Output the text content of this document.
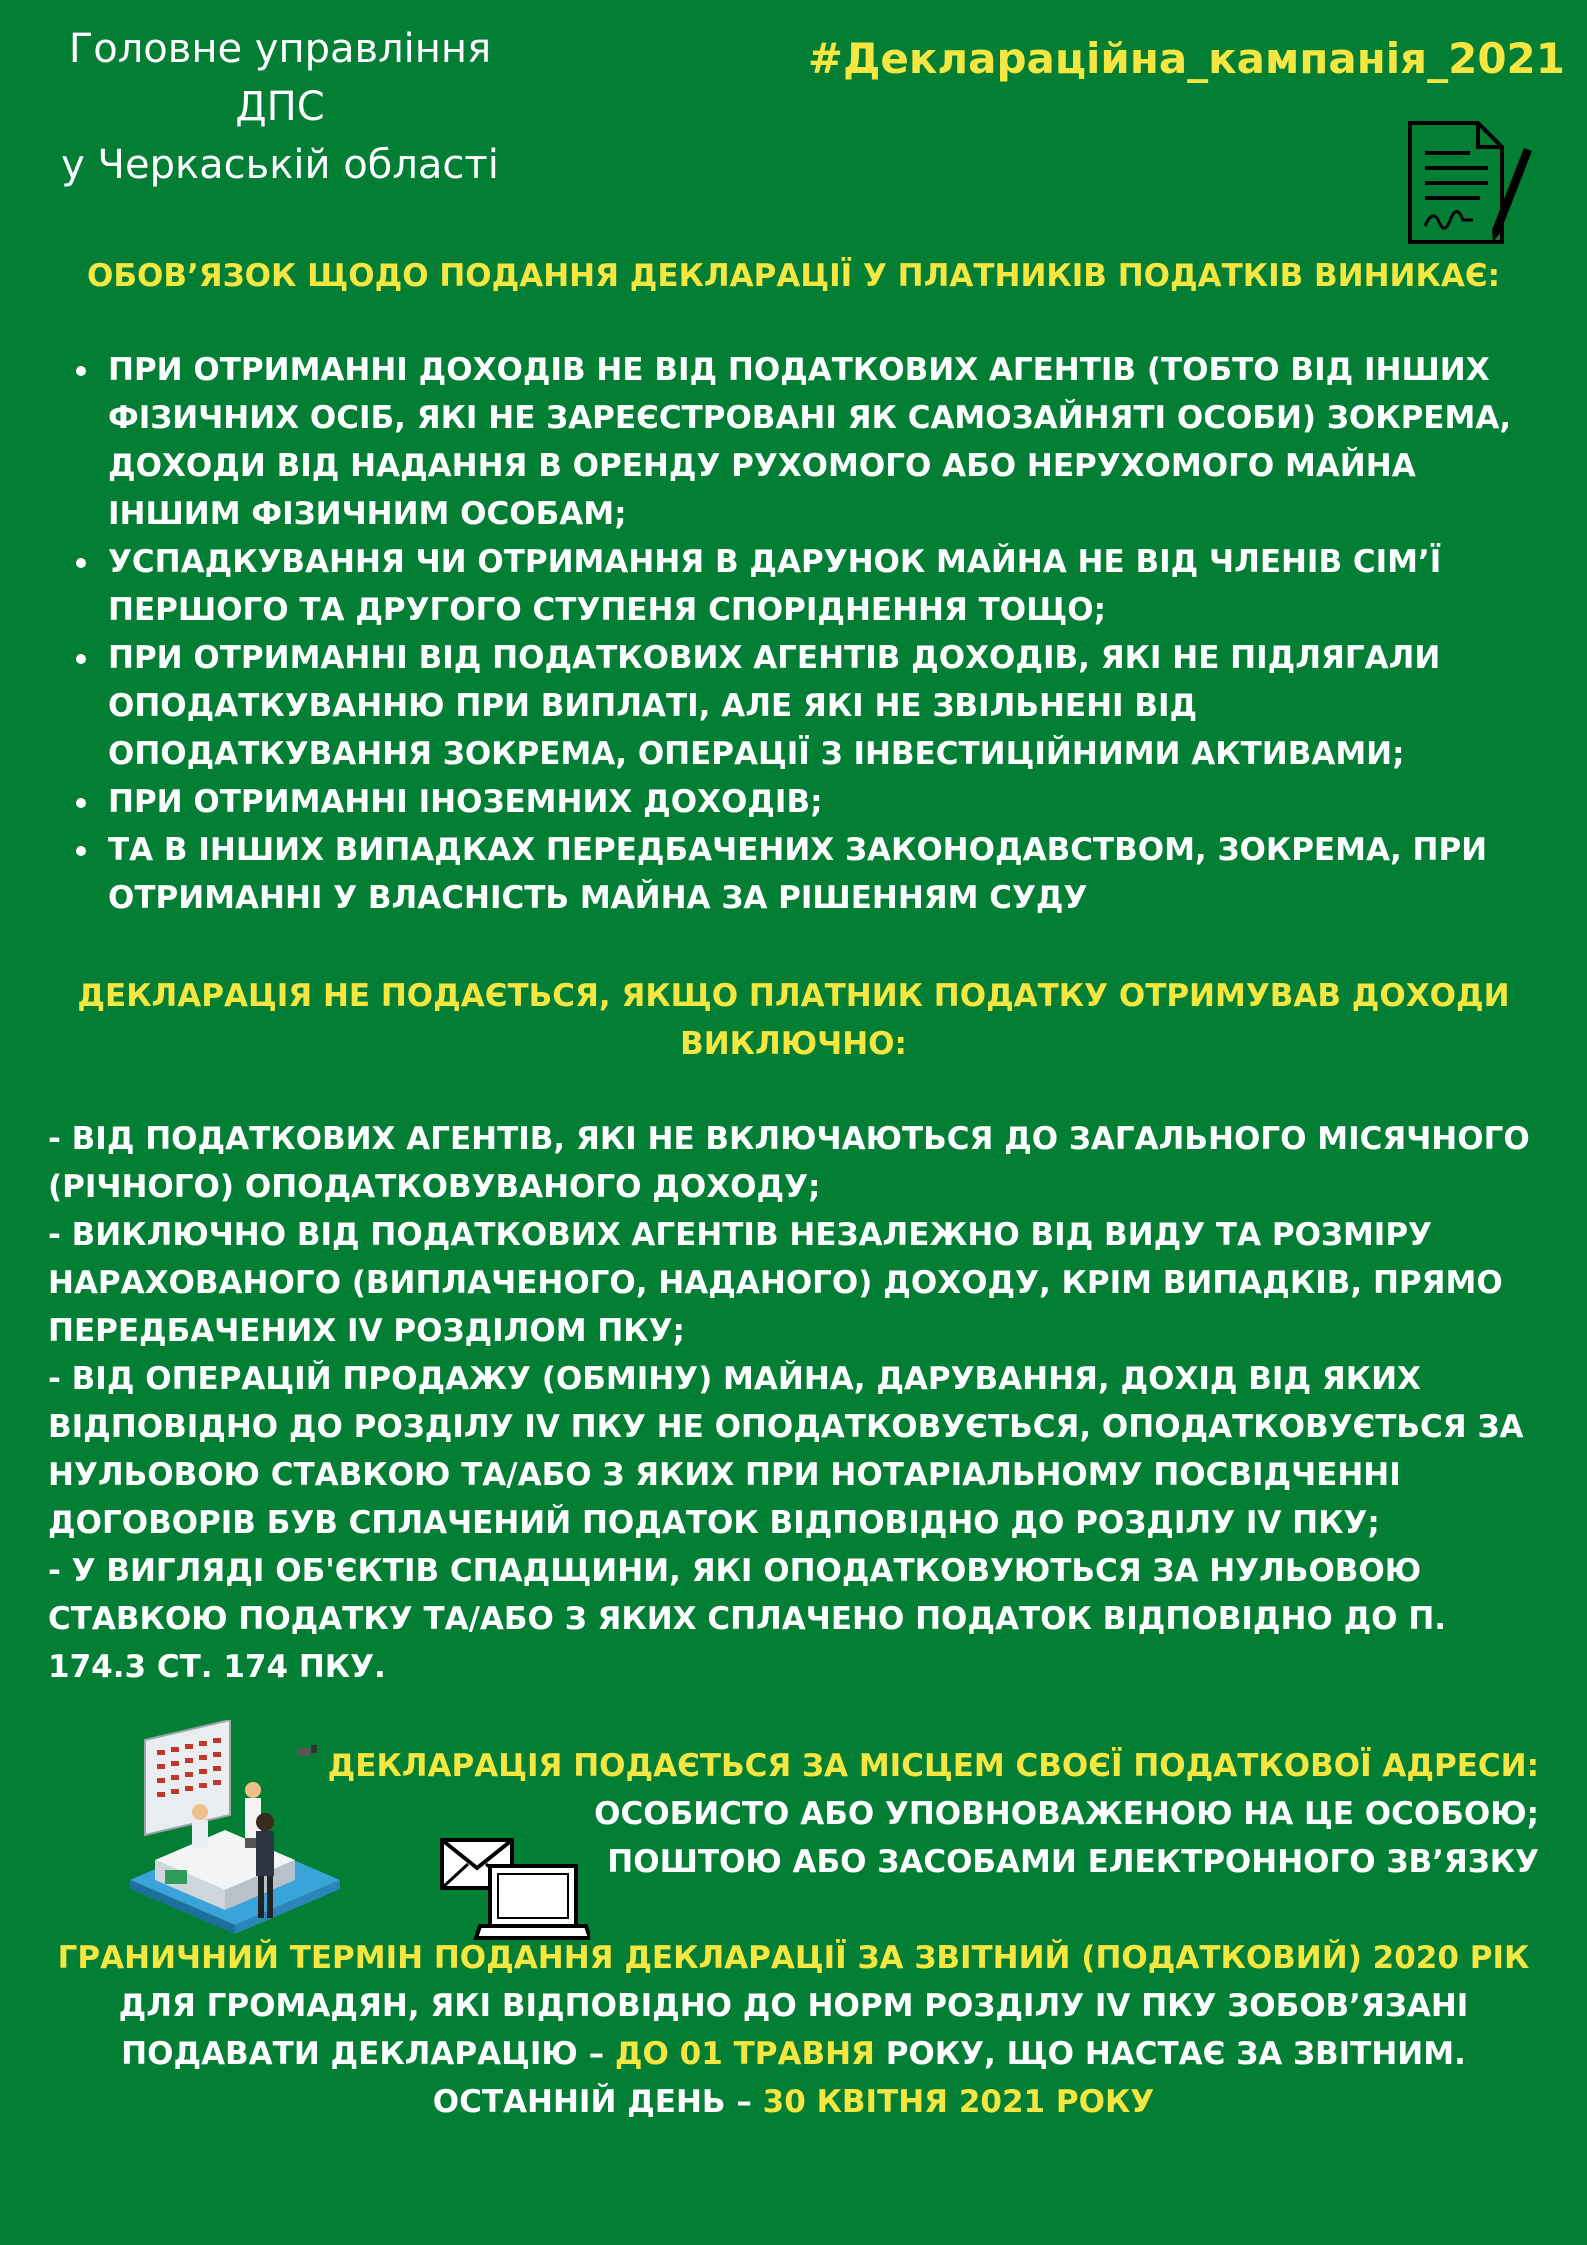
Головне управління ДПС
у Черкаській області
#Деклараційна_кампанія_2021
ОБОВ’ЯЗОК ЩОДО ПОДАННЯ ДЕКЛАРАЦІЇ У ПЛАТНИКІВ ПОДАТКІВ ВИНИКАЄ:
ПРИ ОТРИМАННІ ДОХОДІВ НЕ ВІД ПОДАТКОВИХ АГЕНТІВ (ТОБТО ВІД ІНШИХ ФІЗИЧНИХ ОСІБ, ЯКІ НЕ ЗАРЕЄСТРОВАНІ ЯК САМОЗАЙНЯТІ ОСОБИ) ЗОКРЕМА, ДОХОДИ ВІД НАДАННЯ В ОРЕНДУ РУХОМОГО АБО НЕРУХОМОГО МАЙНА ІНШИМ ФІЗИЧНИМ ОСОБАМ;
УСПАДКУВАННЯ ЧИ ОТРИМАННЯ В ДАРУНОК МАЙНА НЕ ВІД ЧЛЕНІВ СІМ’Ї ПЕРШОГО ТА ДРУГОГО СТУПЕНЯ СПОРІДНЕННЯ ТОЩО;
ПРИ ОТРИМАННІ ВІД ПОДАТКОВИХ АГЕНТІВ ДОХОДІВ, ЯКІ НЕ ПІДЛЯГАЛИ ОПОДАТКУВАННЮ ПРИ ВИПЛАТІ, АЛЕ ЯКІ НЕ ЗВІЛЬНЕНІ ВІД ОПОДАТКУВАННЯ ЗОКРЕМА, ОПЕРАЦІЇ З ІНВЕСТИЦІЙНИМИ АКТИВАМИ;
ПРИ ОТРИМАННІ ІНОЗЕМНИХ ДОХОДІВ;
ТА В ІНШИХ ВИПАДКАХ ПЕРЕДБАЧЕНИХ ЗАКОНОДАВСТВОМ, ЗОКРЕМА, ПРИ ОТРИМАННІ У ВЛАСНІСТЬ МАЙНА ЗА РІШЕННЯМ СУДУ
ДЕКЛАРАЦІЯ НЕ ПОДАЄТЬСЯ, ЯКЩО ПЛАТНИК ПОДАТКУ ОТРИМУВАВ ДОХОДИ
ВИКЛЮЧНО:

- ВІД ПОДАТКОВИХ АГЕНТІВ, ЯКІ НЕ ВКЛЮЧАЮТЬСЯ ДО ЗАГАЛЬНОГО МІСЯЧНОГО (РІЧНОГО) ОПОДАТКОВУВАНОГО ДОХОДУ;

- ВИКЛЮЧНО ВІД ПОДАТКОВИХ АГЕНТІВ НЕЗАЛЕЖНО ВІД ВИДУ ТА РОЗМІРУ НАРАХОВАНОГО (ВИПЛАЧЕНОГО, НАДАНОГО) ДОХОДУ, КРІМ ВИПАДКІВ, ПРЯМО ПЕРЕДБАЧЕНИХ IV РОЗДІЛОМ ПКУ;

- ВІД ОПЕРАЦІЙ ПРОДАЖУ (ОБМІНУ) МАЙНА, ДАРУВАННЯ, ДОХІД ВІД ЯКИХ ВІДПОВІДНО ДО РОЗДІЛУ IV ПКУ НЕ ОПОДАТКОВУЄТЬСЯ, ОПОДАТКОВУЄТЬСЯ ЗА НУЛЬОВОЮ СТАВКОЮ ТА/АБО З ЯКИХ ПРИ НОТАРІАЛЬНОМУ ПОСВІДЧЕННІ ДОГОВОРІВ БУВ СПЛАЧЕНИЙ ПОДАТОК ВІДПОВІДНО ДО РОЗДІЛУ IV ПКУ;

- У ВИГЛЯДІ ОБ'ЄКТІВ СПАДЩИНИ, ЯКІ ОПОДАТКОВУЮТЬСЯ ЗА НУЛЬОВОЮ СТАВКОЮ ПОДАТКУ ТА/АБО З ЯКИХ СПЛАЧЕНО ПОДАТОК ВІДПОВІДНО ДО П. 174.3 СТ. 174 ПКУ.

ДЕКЛАРАЦІЯ ПОДАЄТЬСЯ ЗА МІСЦЕМ СВОЄЇ ПОДАТКОВОЇ АДРЕСИ:
ОСОБИСТО АБО УПОВНОВАЖЕНОЮ НА ЦЕ ОСОБОЮ;
ПОШТОЮ АБО ЗАСОБАМИ ЕЛЕКТРОННОГО ЗВ’ЯЗКУ

ГРАНИЧНИЙ ТЕРМІН ПОДАННЯ ДЕКЛАРАЦІЇ ЗА ЗВІТНИЙ (ПОДАТКОВИЙ) 2020 РІК

ДЛЯ ГРОМАДЯН, ЯКІ ВІДПОВІДНО ДО НОРМ РОЗДІЛУ IV ПКУ ЗОБОВ’ЯЗАНІ

ПОДАВАТИ ДЕКЛАРАЦІЮ – ДО 01 ТРАВНЯ РОКУ, ЩО НАСТАЄ ЗА ЗВІТНИМ.

ОСТАННІЙ ДЕНЬ – 30 КВІТНЯ 2021 РОКУ
